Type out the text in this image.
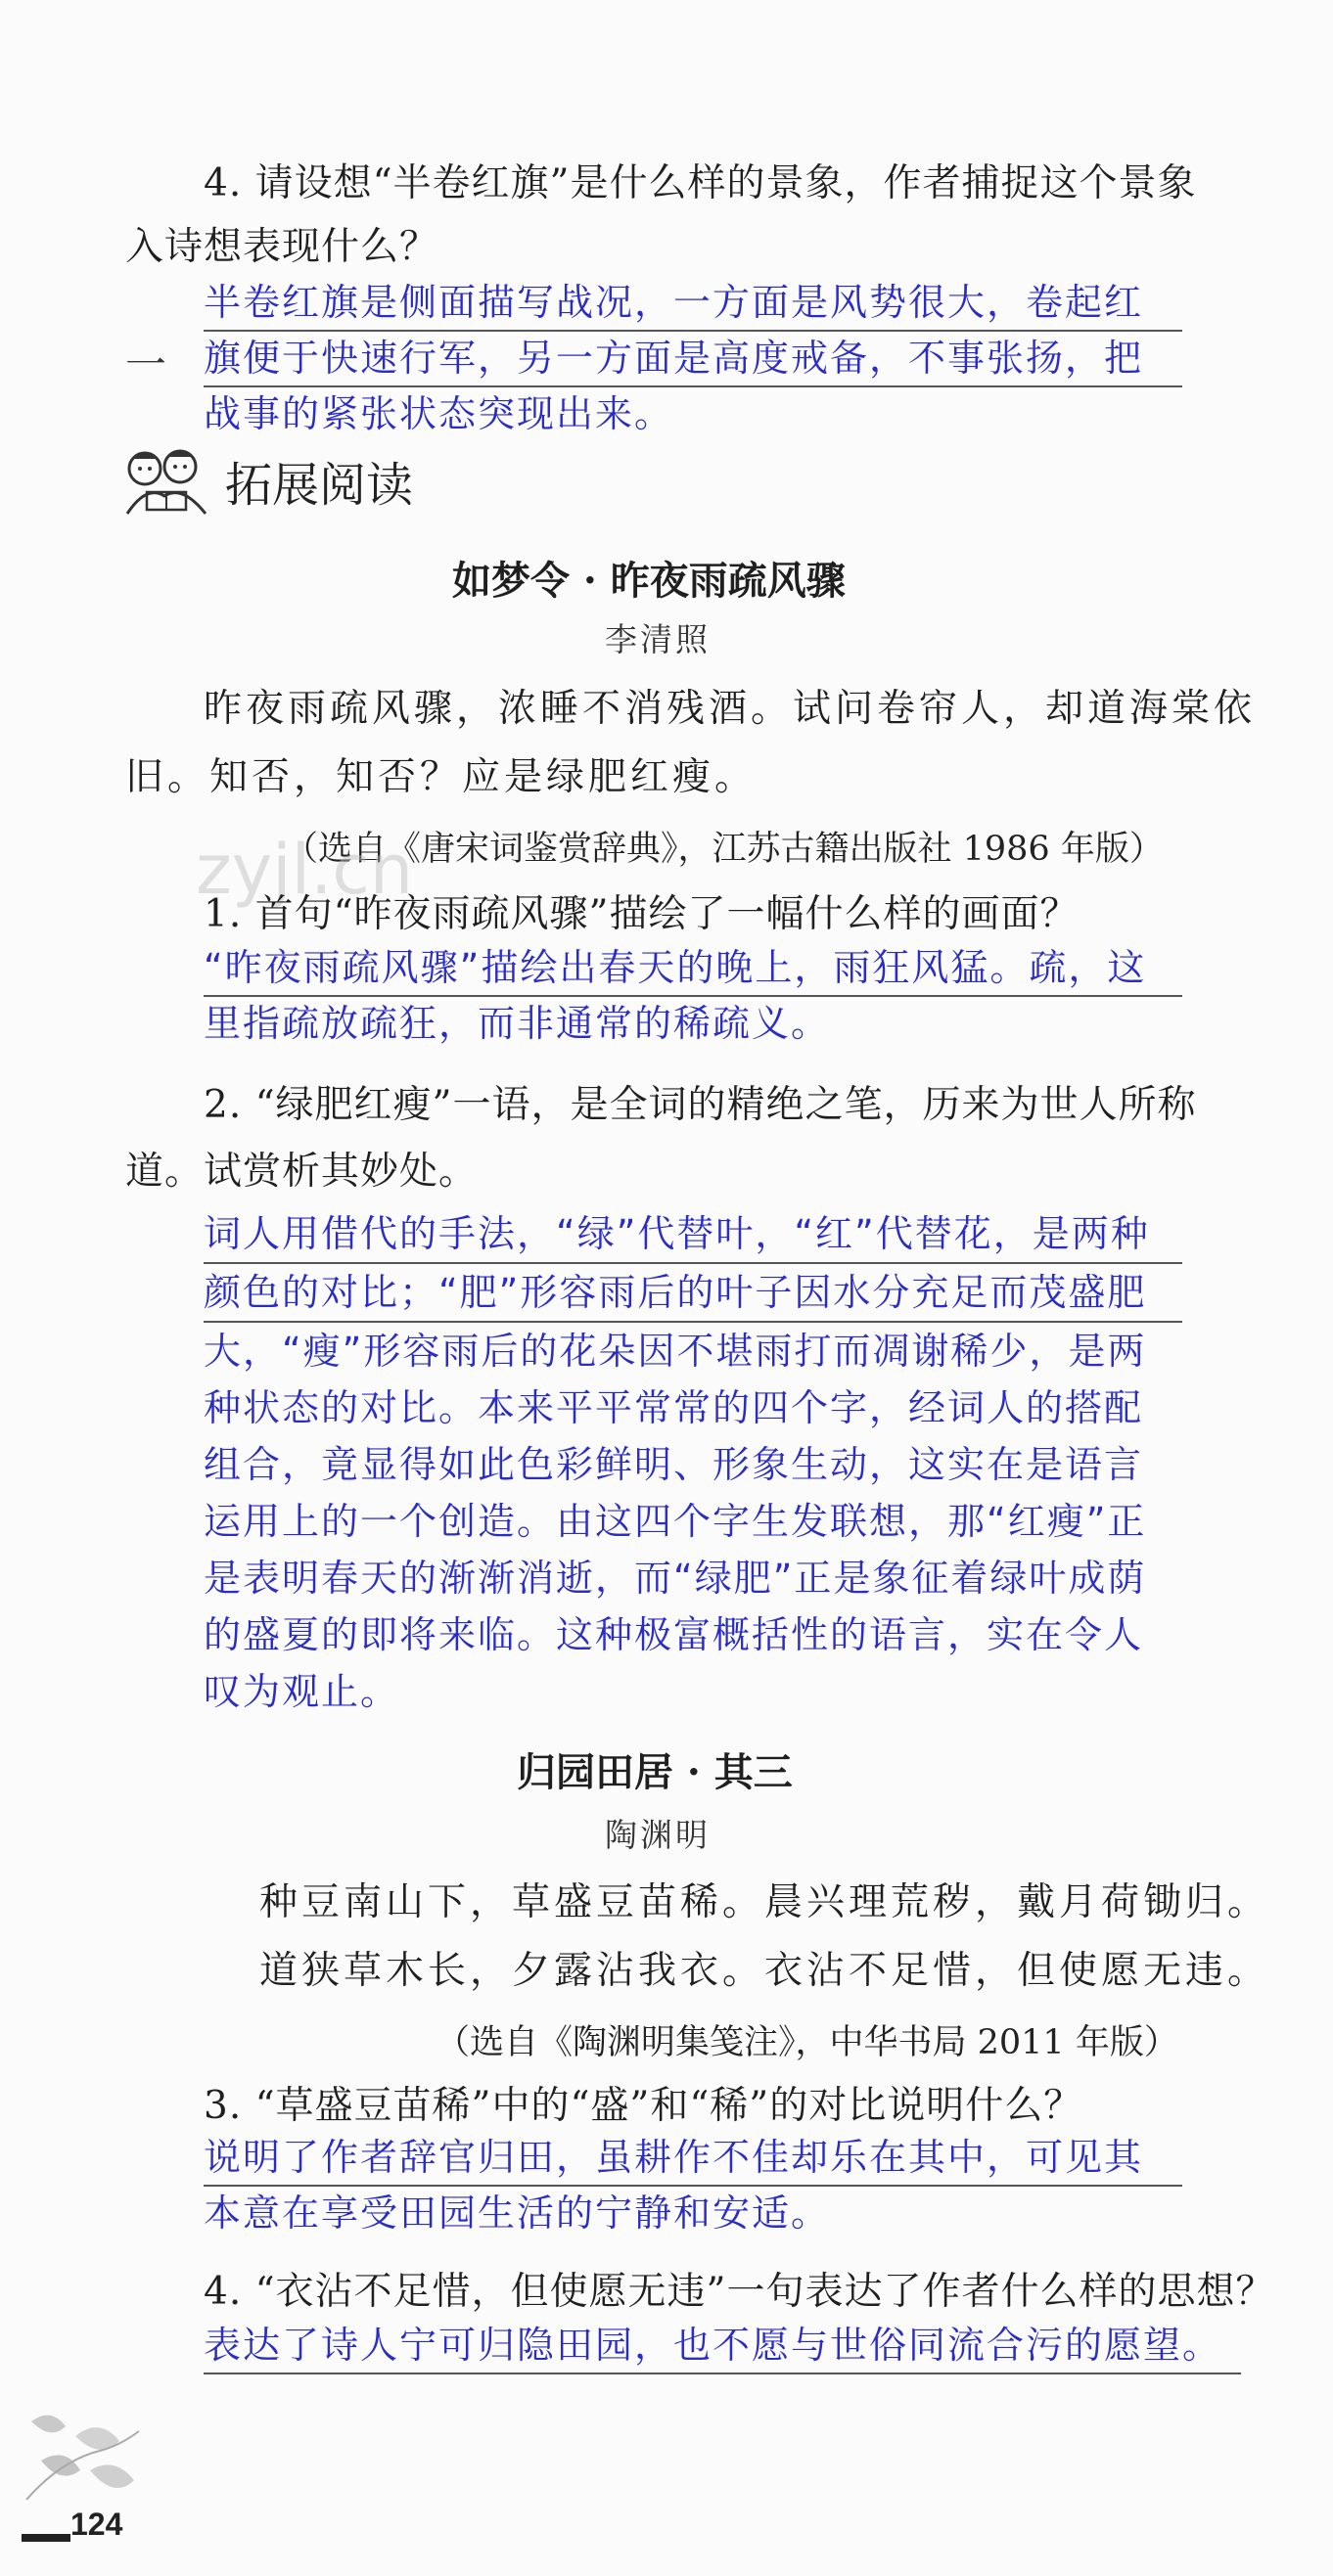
4. 请设想“半卷红旗”是什么样的景象，作者捕捉这个景象
入诗想表现什么？
半卷红旗是侧面描写战况，一方面是风势很大，卷起红
旗便于快速行军，另一方面是高度戒备，不事张扬，把
战事的紧张状态突现出来。
一
拓展阅读
如梦令 · 昨夜雨疏风骤
李清照
昨夜雨疏风骤，浓睡不消残酒。试问卷帘人，却道海棠依
旧。知否，知否？应是绿肥红瘦。
（选自《唐宋词鉴赏辞典》，江苏古籍出版社 1986 年版）
zyjl.cn
1. 首句“昨夜雨疏风骤”描绘了一幅什么样的画面？
“昨夜雨疏风骤”描绘出春天的晚上，雨狂风猛。疏，这
里指疏放疏狂，而非通常的稀疏义。
2. “绿肥红瘦”一语，是全词的精绝之笔，历来为世人所称
道。试赏析其妙处。
词人用借代的手法，“绿”代替叶，“红”代替花，是两种
颜色的对比；“肥”形容雨后的叶子因水分充足而茂盛肥
大，“瘦”形容雨后的花朵因不堪雨打而凋谢稀少，是两
种状态的对比。本来平平常常的四个字，经词人的搭配
组合，竟显得如此色彩鲜明、形象生动，这实在是语言
运用上的一个创造。由这四个字生发联想，那“红瘦”正
是表明春天的渐渐消逝，而“绿肥”正是象征着绿叶成荫
的盛夏的即将来临。这种极富概括性的语言，实在令人
叹为观止。
归园田居 · 其三
陶渊明
种豆南山下，草盛豆苗稀。晨兴理荒秽，戴月荷锄归。
道狭草木长，夕露沾我衣。衣沾不足惜，但使愿无违。
（选自《陶渊明集笺注》，中华书局 2011 年版）
3. “草盛豆苗稀”中的“盛”和“稀”的对比说明什么？
说明了作者辞官归田，虽耕作不佳却乐在其中，可见其
本意在享受田园生活的宁静和安适。
4. “衣沾不足惜，但使愿无违”一句表达了作者什么样的思想？
表达了诗人宁可归隐田园，也不愿与世俗同流合污的愿望。
124
